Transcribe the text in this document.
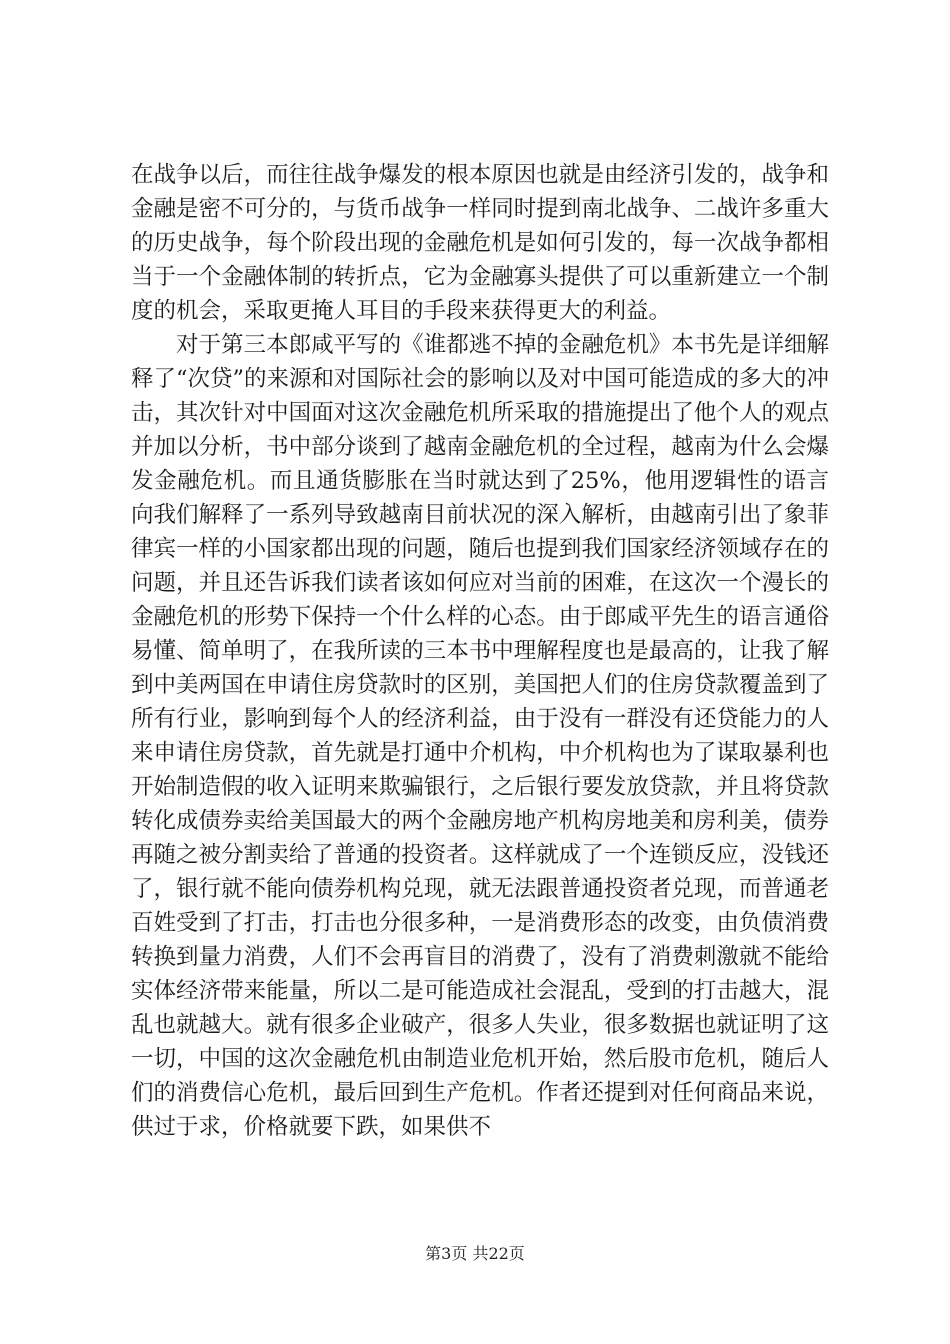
在战争以后，而往往战争爆发的根本原因也就是由经济引发的，战争和金融是密不可分的，与货币战争一样同时提到南北战争、二战许多重大的历史战争，每个阶段出现的金融危机是如何引发的，每一次战争都相当于一个金融体制的转折点，它为金融寡头提供了可以重新建立一个制度的机会，采取更掩人耳目的手段来获得更大的利益。

对于第三本郎咸平写的《谁都逃不掉的金融危机》本书先是详细解释了“次贷”的来源和对国际社会的影响以及对中国可能造成的多大的冲击，其次针对中国面对这次金融危机所采取的措施提出了他个人的观点并加以分析，书中部分谈到了越南金融危机的全过程，越南为什么会爆发金融危机。而且通货膨胀在当时就达到了25%，他用逻辑性的语言向我们解释了一系列导致越南目前状况的深入解析，由越南引出了象菲律宾一样的小国家都出现的问题，随后也提到我们国家经济领域存在的问题，并且还告诉我们读者该如何应对当前的困难，在这次一个漫长的金融危机的形势下保持一个什么样的心态。由于郎咸平先生的语言通俗易懂、简单明了，在我所读的三本书中理解程度也是最高的，让我了解到中美两国在申请住房贷款时的区别，美国把人们的住房贷款覆盖到了所有行业，影响到每个人的经济利益，由于没有一群没有还贷能力的人来申请住房贷款，首先就是打通中介机构，中介机构也为了谋取暴利也开始制造假的收入证明来欺骗银行，之后银行要发放贷款，并且将贷款转化成债券卖给美国最大的两个金融房地产机构房地美和房利美，债券再随之被分割卖给了普通的投资者。这样就成了一个连锁反应，没钱还了，银行就不能向债券机构兑现，就无法跟普通投资者兑现，而普通老百姓受到了打击，打击也分很多种，一是消费形态的改变，由负债消费转换到量力消费，人们不会再盲目的消费了，没有了消费刺激就不能给实体经济带来能量，所以二是可能造成社会混乱，受到的打击越大，混乱也就越大。就有很多企业破产，很多人失业，很多数据也就证明了这一切，中国的这次金融危机由制造业危机开始，然后股市危机，随后人们的消费信心危机，最后回到生产危机。作者还提到对任何商品来说，供过于求，价格就要下跌，如果供不

第3页 共22页
